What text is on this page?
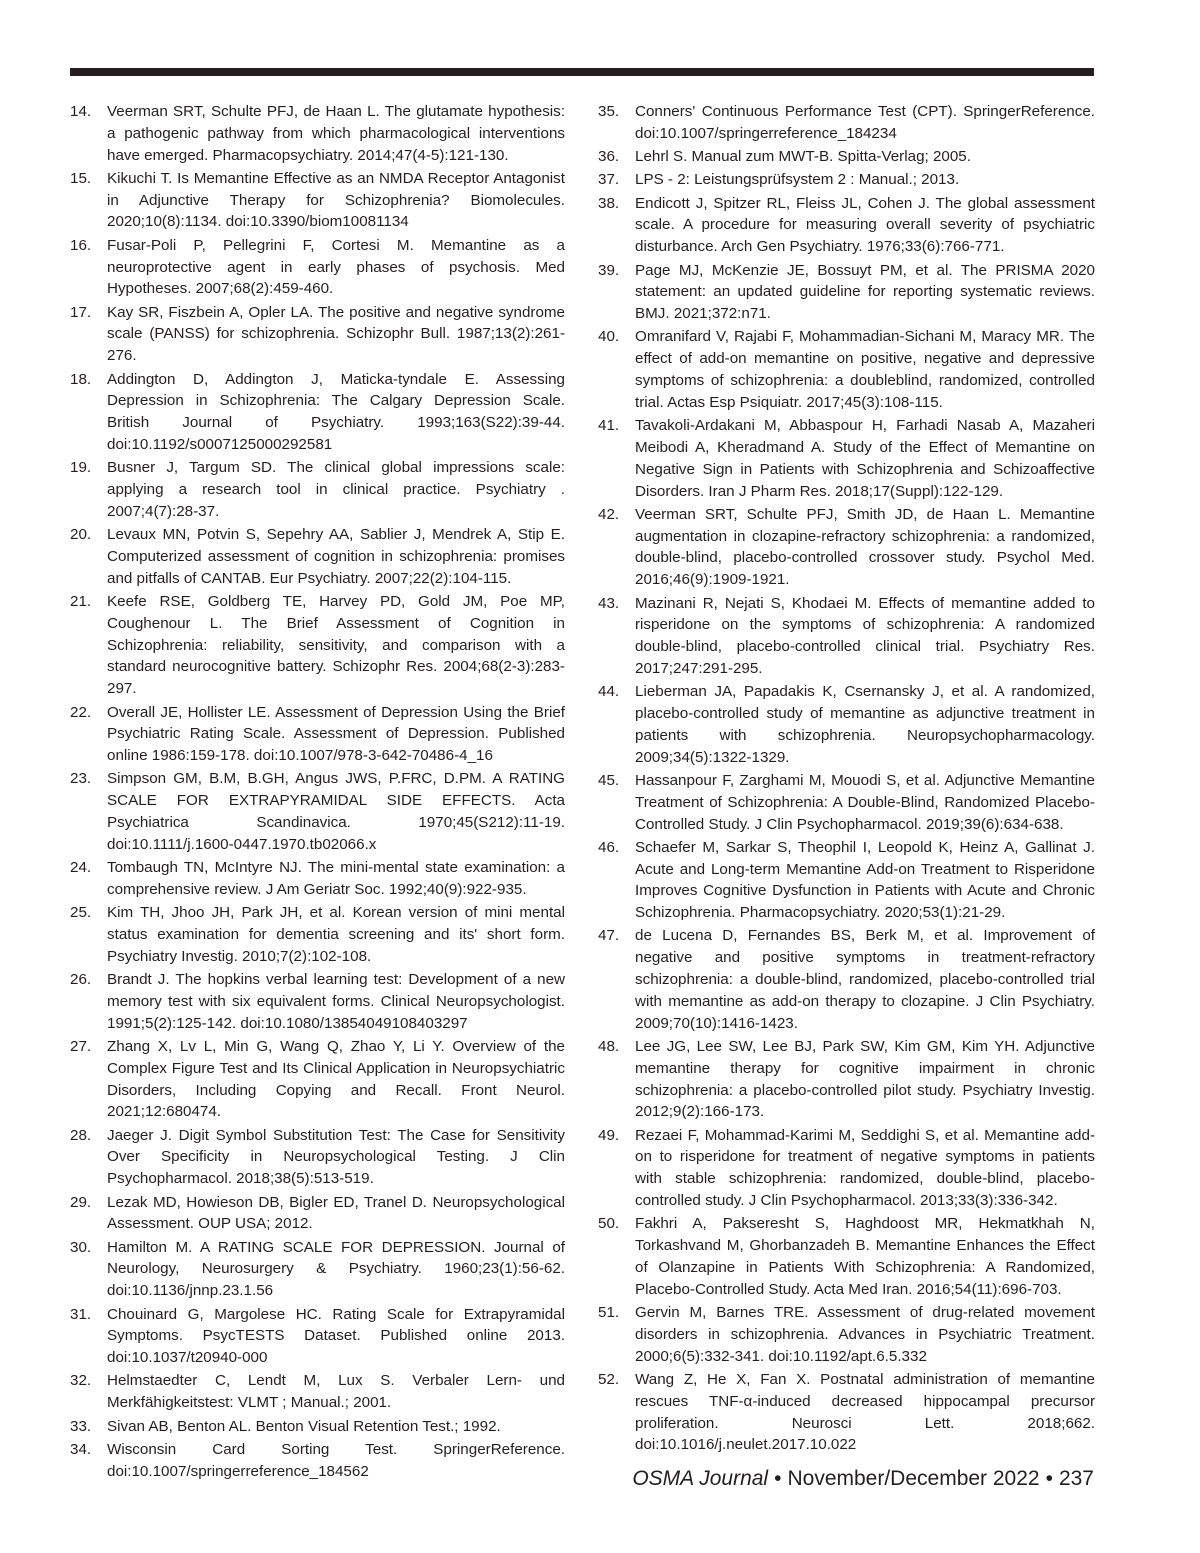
14. Veerman SRT, Schulte PFJ, de Haan L. The glutamate hypothesis: a pathogenic pathway from which pharmacological interventions have emerged. Pharmacopsychiatry. 2014;47(4-5):121-130.
15. Kikuchi T. Is Memantine Effective as an NMDA Receptor Antagonist in Adjunctive Therapy for Schizophrenia? Biomolecules. 2020;10(8):1134. doi:10.3390/biom10081134
16. Fusar-Poli P, Pellegrini F, Cortesi M. Memantine as a neuroprotective agent in early phases of psychosis. Med Hypotheses. 2007;68(2):459-460.
17. Kay SR, Fiszbein A, Opler LA. The positive and negative syndrome scale (PANSS) for schizophrenia. Schizophr Bull. 1987;13(2):261-276.
18. Addington D, Addington J, Maticka-tyndale E. Assessing Depression in Schizophrenia: The Calgary Depression Scale. British Journal of Psychiatry. 1993;163(S22):39-44. doi:10.1192/s0007125000292581
19. Busner J, Targum SD. The clinical global impressions scale: applying a research tool in clinical practice. Psychiatry . 2007;4(7):28-37.
20. Levaux MN, Potvin S, Sepehry AA, Sablier J, Mendrek A, Stip E. Computerized assessment of cognition in schizophrenia: promises and pitfalls of CANTAB. Eur Psychiatry. 2007;22(2):104-115.
21. Keefe RSE, Goldberg TE, Harvey PD, Gold JM, Poe MP, Coughenour L. The Brief Assessment of Cognition in Schizophrenia: reliability, sensitivity, and comparison with a standard neurocognitive battery. Schizophr Res. 2004;68(2-3):283-297.
22. Overall JE, Hollister LE. Assessment of Depression Using the Brief Psychiatric Rating Scale. Assessment of Depression. Published online 1986:159-178. doi:10.1007/978-3-642-70486-4_16
23. Simpson GM, B.M, B.GH, Angus JWS, P.FRC, D.PM. A RATING SCALE FOR EXTRAPYRAMIDAL SIDE EFFECTS. Acta Psychiatrica Scandinavica. 1970;45(S212):11-19. doi:10.1111/j.1600-0447.1970.tb02066.x
24. Tombaugh TN, McIntyre NJ. The mini-mental state examination: a comprehensive review. J Am Geriatr Soc. 1992;40(9):922-935.
25. Kim TH, Jhoo JH, Park JH, et al. Korean version of mini mental status examination for dementia screening and its' short form. Psychiatry Investig. 2010;7(2):102-108.
26. Brandt J. The hopkins verbal learning test: Development of a new memory test with six equivalent forms. Clinical Neuropsychologist. 1991;5(2):125-142. doi:10.1080/13854049108403297
27. Zhang X, Lv L, Min G, Wang Q, Zhao Y, Li Y. Overview of the Complex Figure Test and Its Clinical Application in Neuropsychiatric Disorders, Including Copying and Recall. Front Neurol. 2021;12:680474.
28. Jaeger J. Digit Symbol Substitution Test: The Case for Sensitivity Over Specificity in Neuropsychological Testing. J Clin Psychopharmacol. 2018;38(5):513-519.
29. Lezak MD, Howieson DB, Bigler ED, Tranel D. Neuropsychological Assessment. OUP USA; 2012.
30. Hamilton M. A RATING SCALE FOR DEPRESSION. Journal of Neurology, Neurosurgery & Psychiatry. 1960;23(1):56-62. doi:10.1136/jnnp.23.1.56
31. Chouinard G, Margolese HC. Rating Scale for Extrapyramidal Symptoms. PsycTESTS Dataset. Published online 2013. doi:10.1037/t20940-000
32. Helmstaedter C, Lendt M, Lux S. Verbaler Lern- und Merkfähigkeitstest: VLMT ; Manual.; 2001.
33. Sivan AB, Benton AL. Benton Visual Retention Test.; 1992.
34. Wisconsin Card Sorting Test. SpringerReference. doi:10.1007/springerreference_184562
35. Conners' Continuous Performance Test (CPT). SpringerReference. doi:10.1007/springerreference_184234
36. Lehrl S. Manual zum MWT-B. Spitta-Verlag; 2005.
37. LPS - 2: Leistungsprüfsystem 2 : Manual.; 2013.
38. Endicott J, Spitzer RL, Fleiss JL, Cohen J. The global assessment scale. A procedure for measuring overall severity of psychiatric disturbance. Arch Gen Psychiatry. 1976;33(6):766-771.
39. Page MJ, McKenzie JE, Bossuyt PM, et al. The PRISMA 2020 statement: an updated guideline for reporting systematic reviews. BMJ. 2021;372:n71.
40. Omranifard V, Rajabi F, Mohammadian-Sichani M, Maracy MR. The effect of add-on memantine on positive, negative and depressive symptoms of schizophrenia: a doubleblind, randomized, controlled trial. Actas Esp Psiquiatr. 2017;45(3):108-115.
41. Tavakoli-Ardakani M, Abbaspour H, Farhadi Nasab A, Mazaheri Meibodi A, Kheradmand A. Study of the Effect of Memantine on Negative Sign in Patients with Schizophrenia and Schizoaffective Disorders. Iran J Pharm Res. 2018;17(Suppl):122-129.
42. Veerman SRT, Schulte PFJ, Smith JD, de Haan L. Memantine augmentation in clozapine-refractory schizophrenia: a randomized, double-blind, placebo-controlled crossover study. Psychol Med. 2016;46(9):1909-1921.
43. Mazinani R, Nejati S, Khodaei M. Effects of memantine added to risperidone on the symptoms of schizophrenia: A randomized double-blind, placebo-controlled clinical trial. Psychiatry Res. 2017;247:291-295.
44. Lieberman JA, Papadakis K, Csernansky J, et al. A randomized, placebo-controlled study of memantine as adjunctive treatment in patients with schizophrenia. Neuropsychopharmacology. 2009;34(5):1322-1329.
45. Hassanpour F, Zarghami M, Mouodi S, et al. Adjunctive Memantine Treatment of Schizophrenia: A Double-Blind, Randomized Placebo-Controlled Study. J Clin Psychopharmacol. 2019;39(6):634-638.
46. Schaefer M, Sarkar S, Theophil I, Leopold K, Heinz A, Gallinat J. Acute and Long-term Memantine Add-on Treatment to Risperidone Improves Cognitive Dysfunction in Patients with Acute and Chronic Schizophrenia. Pharmacopsychiatry. 2020;53(1):21-29.
47. de Lucena D, Fernandes BS, Berk M, et al. Improvement of negative and positive symptoms in treatment-refractory schizophrenia: a double-blind, randomized, placebo-controlled trial with memantine as add-on therapy to clozapine. J Clin Psychiatry. 2009;70(10):1416-1423.
48. Lee JG, Lee SW, Lee BJ, Park SW, Kim GM, Kim YH. Adjunctive memantine therapy for cognitive impairment in chronic schizophrenia: a placebo-controlled pilot study. Psychiatry Investig. 2012;9(2):166-173.
49. Rezaei F, Mohammad-Karimi M, Seddighi S, et al. Memantine add-on to risperidone for treatment of negative symptoms in patients with stable schizophrenia: randomized, double-blind, placebo-controlled study. J Clin Psychopharmacol. 2013;33(3):336-342.
50. Fakhri A, Pakseresht S, Haghdoost MR, Hekmatkhah N, Torkashvand M, Ghorbanzadeh B. Memantine Enhances the Effect of Olanzapine in Patients With Schizophrenia: A Randomized, Placebo-Controlled Study. Acta Med Iran. 2016;54(11):696-703.
51. Gervin M, Barnes TRE. Assessment of drug-related movement disorders in schizophrenia. Advances in Psychiatric Treatment. 2000;6(5):332-341. doi:10.1192/apt.6.5.332
52. Wang Z, He X, Fan X. Postnatal administration of memantine rescues TNF-α-induced decreased hippocampal precursor proliferation. Neurosci Lett. 2018;662. doi:10.1016/j.neulet.2017.10.022
OSMA Journal • November/December 2022 • 237
